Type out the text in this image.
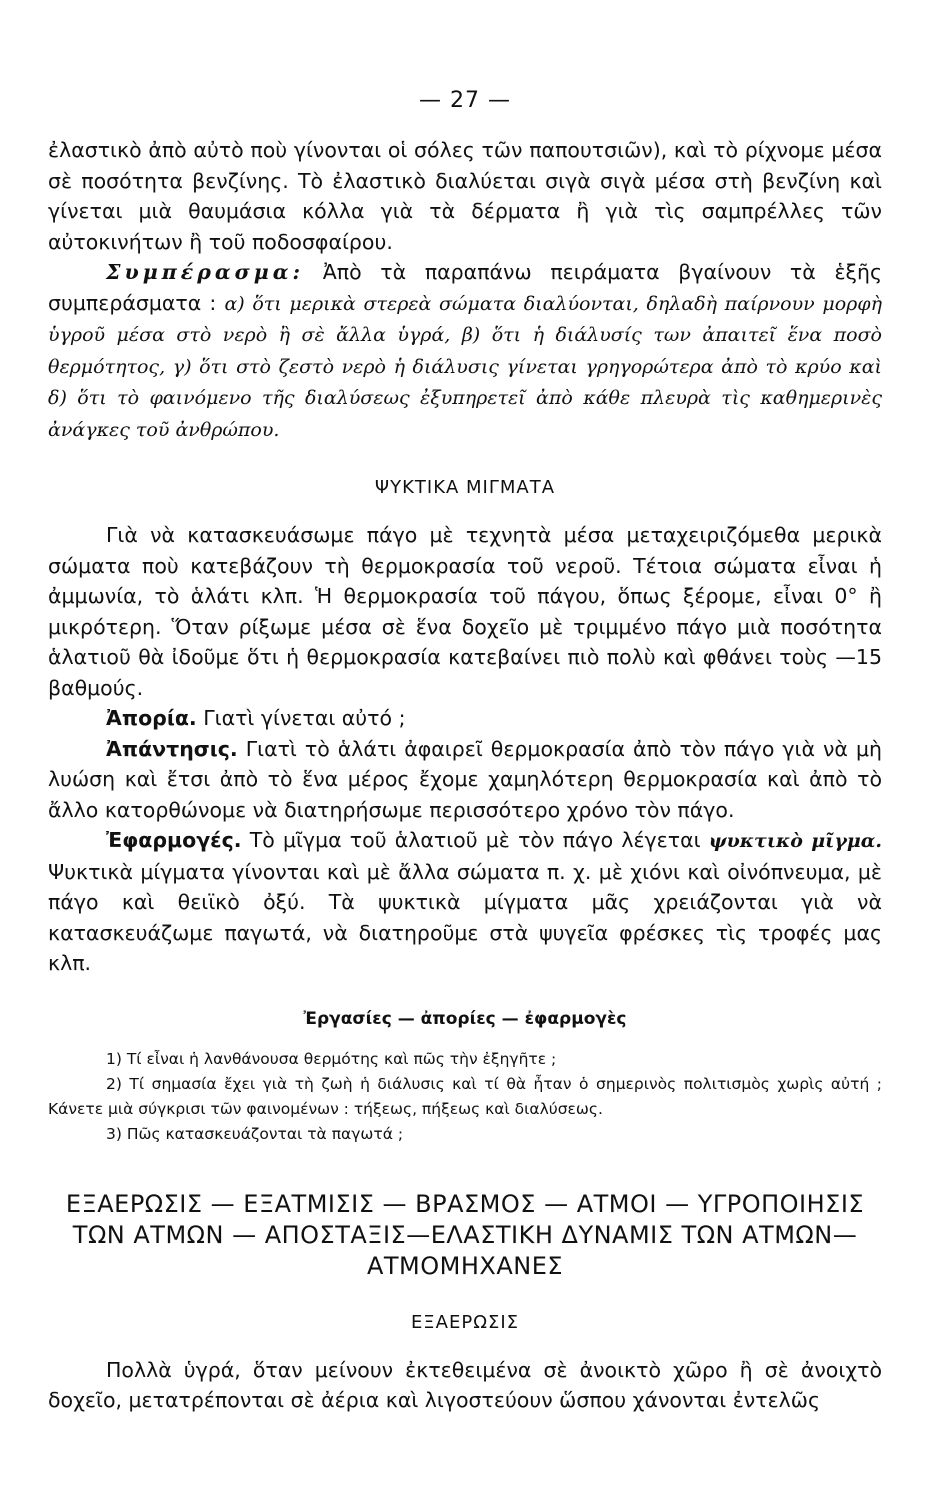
— 27 —

ἐλαστικὸ ἀπὸ αὐτὸ ποὺ γίνονται οἱ σόλες τῶν παπουτσιῶν), καὶ τὸ ρίχνομε μέσα σὲ ποσότητα βενζίνης. Τὸ ἐλαστικὸ διαλύεται σιγὰ σιγὰ μέσα στὴ βενζίνη καὶ γίνεται μιὰ θαυμάσια κόλλα γιὰ τὰ δέρματα ἢ γιὰ τὶς σαμπρέλλες τῶν αὐτοκινήτων ἢ τοῦ ποδοσφαίρου.

Συμπέρασμα: Ἀπὸ τὰ παραπάνω πειράματα βγαίνουν τὰ ἑξῆς συμπεράσματα : α) ὅτι μερικὰ στερεὰ σώματα διαλύονται, δηλαδὴ παίρνουν μορφὴ ὑγροῦ μέσα στὸ νερὸ ἢ σὲ ἄλλα ὑγρά, β) ὅτι ἡ διάλυσίς των ἀπαιτεῖ ἕνα ποσὸ θερμότητος, γ) ὅτι στὸ ζεστὸ νερὸ ἡ διάλυσις γίνεται γρηγορώτερα ἀπὸ τὸ κρύο καὶ δ) ὅτι τὸ φαινόμενο τῆς διαλύσεως ἐξυπηρετεῖ ἀπὸ κάθε πλευρὰ τὶς καθημερινὲς ἀνάγκες τοῦ ἀνθρώπου.

ΨΥΚΤΙΚΑ ΜΙΓΜΑΤΑ

Γιὰ νὰ κατασκευάσωμε πάγο μὲ τεχνητὰ μέσα μεταχειριζόμεθα μερικὰ σώματα ποὺ κατεβάζουν τὴ θερμοκρασία τοῦ νεροῦ. Τέτοια σώματα εἶναι ἡ ἀμμωνία, τὸ ἁλάτι κλπ. Ἡ θερμοκρασία τοῦ πάγου, ὅπως ξέρομε, εἶναι 0° ἢ μικρότερη. Ὅταν ρίξωμε μέσα σὲ ἕνα δοχεῖο μὲ τριμμένο πάγο μιὰ ποσότητα ἁλατιοῦ θὰ ἰδοῦμε ὅτι ἡ θερμοκρασία κατεβαίνει πιὸ πολὺ καὶ φθάνει τοὺς —15 βαθμούς.

Ἀπορία. Γιατὶ γίνεται αὐτό ;

Ἀπάντησις. Γιατὶ τὸ ἁλάτι ἀφαιρεῖ θερμοκρασία ἀπὸ τὸν πάγο γιὰ νὰ μὴ λυώση καὶ ἔτσι ἀπὸ τὸ ἕνα μέρος ἔχομε χαμηλότερη θερμοκρασία καὶ ἀπὸ τὸ ἄλλο κατορθώνομε νὰ διατηρήσωμε περισσότερο χρόνο τὸν πάγο.

Ἐφαρμογές. Τὸ μῖγμα τοῦ ἁλατιοῦ μὲ τὸν πάγο λέγεται ψυκτικὸ μῖγμα. Ψυκτικὰ μίγματα γίνονται καὶ μὲ ἄλλα σώματα π. χ. μὲ χιόνι καὶ οἰνόπνευμα, μὲ πάγο καὶ θειϊκὸ ὀξύ. Τὰ ψυκτικὰ μίγματα μᾶς χρειάζονται γιὰ νὰ κατασκευάζωμε παγωτά, νὰ διατηροῦμε στὰ ψυγεῖα φρέσκες τὶς τροφές μας κλπ.

Ἐργασίες — ἀπορίες — ἐφαρμογὲς

1) Τί εἶναι ἡ λανθάνουσα θερμότης καὶ πῶς τὴν ἐξηγῆτε ;

2) Τί σημασία ἔχει γιὰ τὴ ζωὴ ἡ διάλυσις καὶ τί θὰ ἦταν ὁ σημερινὸς πολιτισμὸς χωρὶς αὐτή ; Κάνετε μιὰ σύγκρισι τῶν φαινομένων : τήξεως, πήξεως καὶ διαλύσεως.

3) Πῶς κατασκευάζονται τὰ παγωτά ;

ΕΞΑΕΡΩΣΙΣ — ΕΞΑΤΜΙΣΙΣ — ΒΡΑΣΜΟΣ — ΑΤΜΟΙ — ΥΓΡΟΠΟΙΗΣΙΣ ΤΩΝ ΑΤΜΩΝ — ΑΠΟΣΤΑΞΙΣ—ΕΛΑΣΤΙΚΗ ΔΥΝΑΜΙΣ ΤΩΝ ΑΤΜΩΝ— ΑΤΜΟΜΗΧΑΝΕΣ
ΕΞΑΕΡΩΣΙΣ

Πολλὰ ὑγρά, ὅταν μείνουν ἐκτεθειμένα σὲ ἀνοικτὸ χῶρο ἢ σὲ ἀνοιχτὸ δοχεῖο, μετατρέπονται σὲ ἀέρια καὶ λιγοστεύουν ὥσπου χάνονται ἐντελῶς
